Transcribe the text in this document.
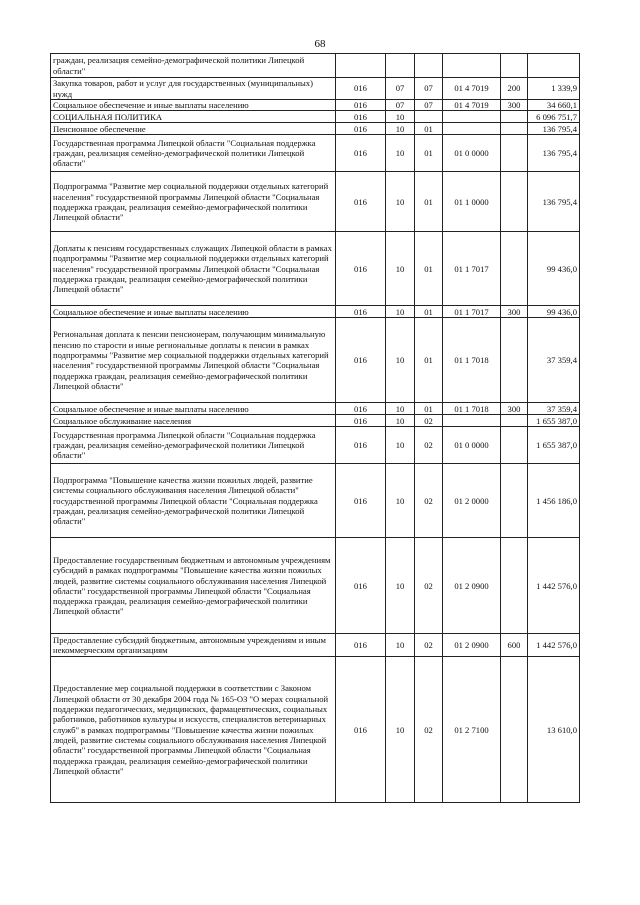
68
граждан, реализация семейно-демографической политики Липецкой области"						
Закупка товаров, работ и услуг для государственных (муниципальных) нужд	016	07	07	01 4 7019	200	1 339,9
Социальное обеспечение и иные выплаты населению	016	07	07	01 4 7019	300	34 660,1
СОЦИАЛЬНАЯ ПОЛИТИКА	016	10				6 096 751,7
Пенсионное обеспечение	016	10	01			136 795,4
Государственная программа Липецкой области "Социальная поддержка граждан, реализация семейно-демографической политики Липецкой области"	016	10	01	01 0 0000		136 795,4
Подпрограмма "Развитие мер социальной поддержки отдельных категорий населения" государственной программы Липецкой области "Социальная поддержка граждан, реализация семейно-демографической политики Липецкой области"	016	10	01	01 1 0000		136 795,4
Доплаты к пенсиям государственных служащих Липецкой области в рамках подпрограммы "Развитие мер социальной поддержки отдельных категорий населения" государственной программы Липецкой области "Социальная поддержка граждан, реализация семейно-демографической политики Липецкой области"	016	10	01	01 1 7017		99 436,0
Социальное обеспечение и иные выплаты населению	016	10	01	01 1 7017	300	99 436,0
Региональная доплата к пенсии пенсионерам, получающим минимальную пенсию по старости и иные региональные доплаты к пенсии в рамках подпрограммы "Развитие мер социальной поддержки отдельных категорий населения" государственной программы Липецкой области "Социальная поддержка граждан, реализация семейно-демографической политики Липецкой области"	016	10	01	01 1 7018		37 359,4
Социальное обеспечение и иные выплаты населению	016	10	01	01 1 7018	300	37 359,4
Социальное обслуживание населения	016	10	02			1 655 387,0
Государственная программа Липецкой области "Социальная поддержка граждан, реализация семейно-демографической политики Липецкой области"	016	10	02	01 0 0000		1 655 387,0
Подпрограмма "Повышение качества жизни пожилых людей, развитие системы социального обслуживания населения Липецкой области" государственной программы Липецкой области "Социальная поддержка граждан, реализация семейно-демографической политики Липецкой области"	016	10	02	01 2 0000		1 456 186,0
Предоставление государственным бюджетным и автономным учреждениям субсидий в рамках подпрограммы "Повышение качества жизни пожилых людей, развитие системы социального обслуживания населения Липецкой области" государственной программы Липецкой области "Социальная поддержка граждан, реализация семейно-демографической политики Липецкой области"	016	10	02	01 2 0900		1 442 576,0
Предоставление субсидий бюджетным, автономным учреждениям и иным некоммерческим организациям	016	10	02	01 2 0900	600	1 442 576,0
Предоставление мер социальной поддержки в соответствии с Законом Липецкой области от 30 декабря 2004 года № 165-ОЗ "О мерах социальной поддержки педагогических, медицинских, фармацевтических, социальных работников, работников культуры и искусств, специалистов ветеринарных служб" в рамках подпрограммы "Повышение качества жизни пожилых людей, развитие системы социального обслуживания населения Липецкой области" государственной программы Липецкой области "Социальная поддержка граждан, реализация семейно-демографической политики Липецкой области"	016	10	02	01 2 7100		13 610,0
